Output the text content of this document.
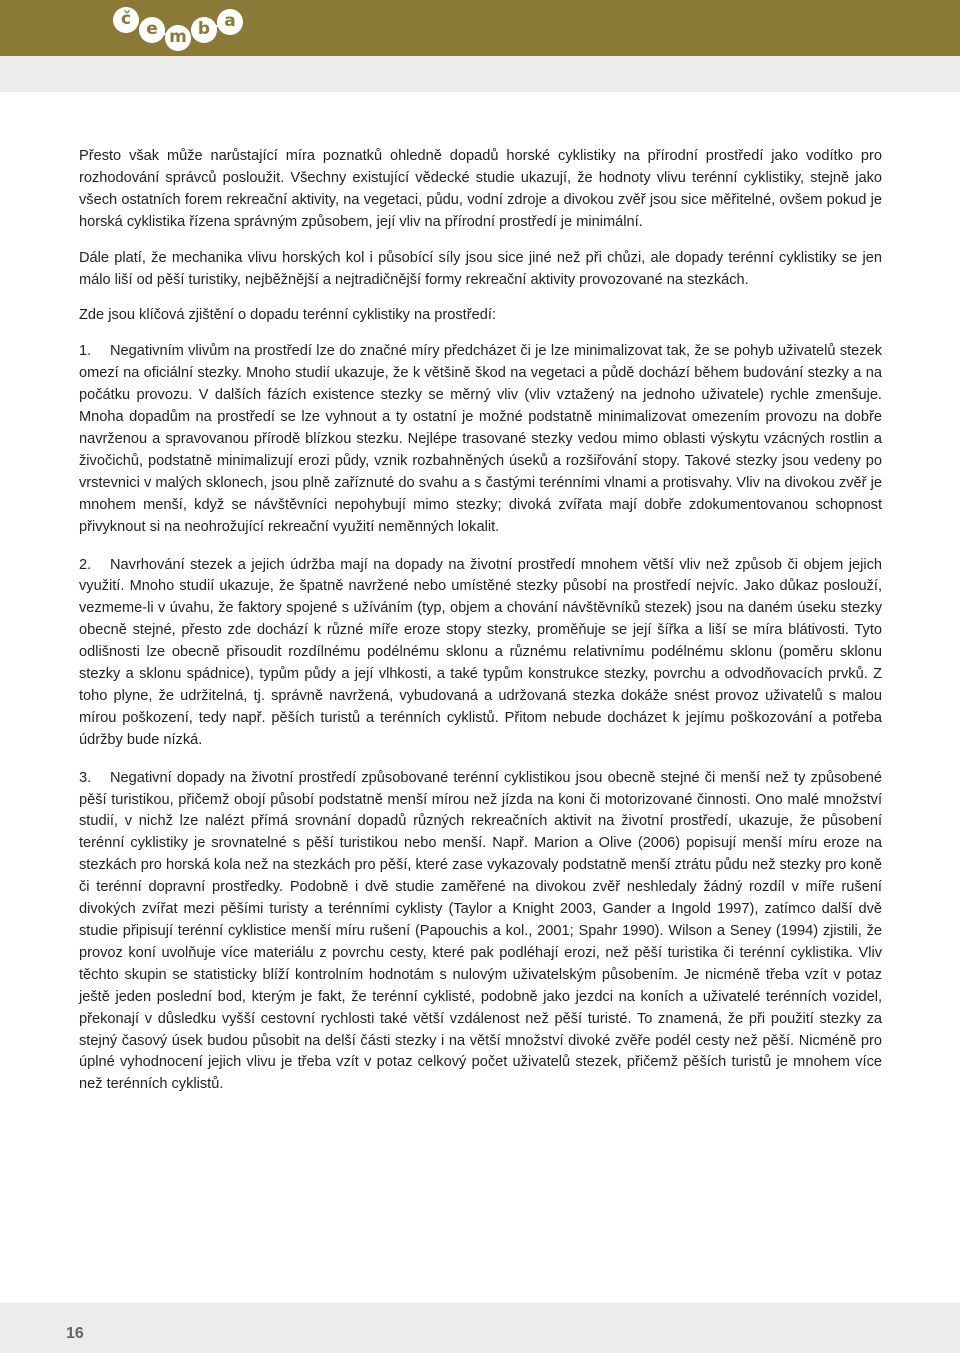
č e m b a

Přesto však může narůstající míra poznatků ohledně dopadů horské cyklistiky na přírodní prostředí jako vodítko pro rozhodování správců posloužit. Všechny existující vědecké studie ukazují, že hodnoty vlivu terénní cyklistiky, stejně jako všech ostatních forem rekreační aktivity, na vegetaci, půdu, vodní zdroje a divokou zvěř jsou sice měřitelné, ovšem pokud je horská cyklistika řízena správným způsobem, její vliv na přírodní prostředí je minimální.

Dále platí, že mechanika vlivu horských kol i působící síly jsou sice jiné než při chůzi, ale dopady terénní cyklistiky se jen málo liší od pěší turistiky, nejběžnější a nejtradičnější formy rekreační aktivity provozované na stezkách.

Zde jsou klíčová zjištění o dopadu terénní cyklistiky na prostředí:

1. Negativním vlivům na prostředí lze do značné míry předcházet či je lze minimalizovat tak, že se pohyb uživatelů stezek omezí na oficiální stezky. Mnoho studií ukazuje, že k většině škod na vegetaci a půdě dochází během budování stezky a na počátku provozu. V dalších fázích existence stezky se měrný vliv (vliv vztažený na jednoho uživatele) rychle zmenšuje. Mnoha dopadům na prostředí se lze vyhnout a ty ostatní je možné podstatně minimalizovat omezením provozu na dobře navrženou a spravovanou přírodě blízkou stezku. Nejlépe trasované stezky vedou mimo oblasti výskytu vzácných rostlin a živočichů, podstatně minimalizují erozi půdy, vznik rozbahněných úseků a rozšiřování stopy. Takové stezky jsou vedeny po vrstevnici v malých sklonech, jsou plně zaříznuté do svahu a s častými terénními vlnami a protisvahy. Vliv na divokou zvěř je mnohem menší, když se návštěvníci nepohybují mimo stezky; divoká zvířata mají dobře zdokumentovanou schopnost přivyknout si na neohrožující rekreační využití neměnných lokalit.

2. Navrhování stezek a jejich údržba mají na dopady na životní prostředí mnohem větší vliv než způsob či objem jejich využití. Mnoho studií ukazuje, že špatně navržené nebo umístěné stezky působí na prostředí nejvíc. Jako důkaz poslouží, vezmeme-li v úvahu, že faktory spojené s užíváním (typ, objem a chování návštěvníků stezek) jsou na daném úseku stezky obecně stejné, přesto zde dochází k různé míře eroze stopy stezky, proměňuje se její šířka a liší se míra blátivosti. Tyto odlišnosti lze obecně přisoudit rozdílnému podélnému sklonu a různému relativnímu podélnému sklonu (poměru sklonu stezky a sklonu spádnice), typům půdy a její vlhkosti, a také typům konstrukce stezky, povrchu a odvodňovacích prvků. Z toho plyne, že udržitelná, tj. správně navržená, vybudovaná a udržovaná stezka dokáže snést provoz uživatelů s malou mírou poškození, tedy např. pěších turistů a terénních cyklistů. Přitom nebude docházet k jejímu poškozování a potřeba údržby bude nízká.

3. Negativní dopady na životní prostředí způsobované terénní cyklistikou jsou obecně stejné či menší než ty způsobené pěší turistikou, přičemž obojí působí podstatně menší mírou než jízda na koni či motorizované činnosti. Ono malé množství studií, v nichž lze nalézt přímá srovnání dopadů různých rekreačních aktivit na životní prostředí, ukazuje, že působení terénní cyklistiky je srovnatelné s pěší turistikou nebo menší. Např. Marion a Olive (2006) popisují menší míru eroze na stezkách pro horská kola než na stezkách pro pěší, které zase vykazovaly podstatně menší ztrátu půdu než stezky pro koně či terénní dopravní prostředky. Podobně i dvě studie zaměřené na divokou zvěř neshledaly žádný rozdíl v míře rušení divokých zvířat mezi pěšími turisty a terénními cyklisty (Taylor a Knight 2003, Gander a Ingold 1997), zatímco další dvě studie připisují terénní cyklistice menší míru rušení (Papouchis a kol., 2001; Spahr 1990). Wilson a Seney (1994) zjistili, že provoz koní uvolňuje více materiálu z povrchu cesty, které pak podléhají erozi, než pěší turistika či terénní cyklistika. Vliv těchto skupin se statisticky blíží kontrolním hodnotám s nulovým uživatelským působením. Je nicméně třeba vzít v potaz ještě jeden poslední bod, kterým je fakt, že terénní cyklisté, podobně jako jezdci na koních a uživatelé terénních vozidel, překonají v důsledku vyšší cestovní rychlosti také větší vzdálenost než pěší turisté. To znamená, že při použití stezky za stejný časový úsek budou působit na delší části stezky i na větší množství divoké zvěře podél cesty než pěší. Nicméně pro úplné vyhodnocení jejich vlivu je třeba vzít v potaz celkový počet uživatelů stezek, přičemž pěších turistů je mnohem více než terénních cyklistů.

16
